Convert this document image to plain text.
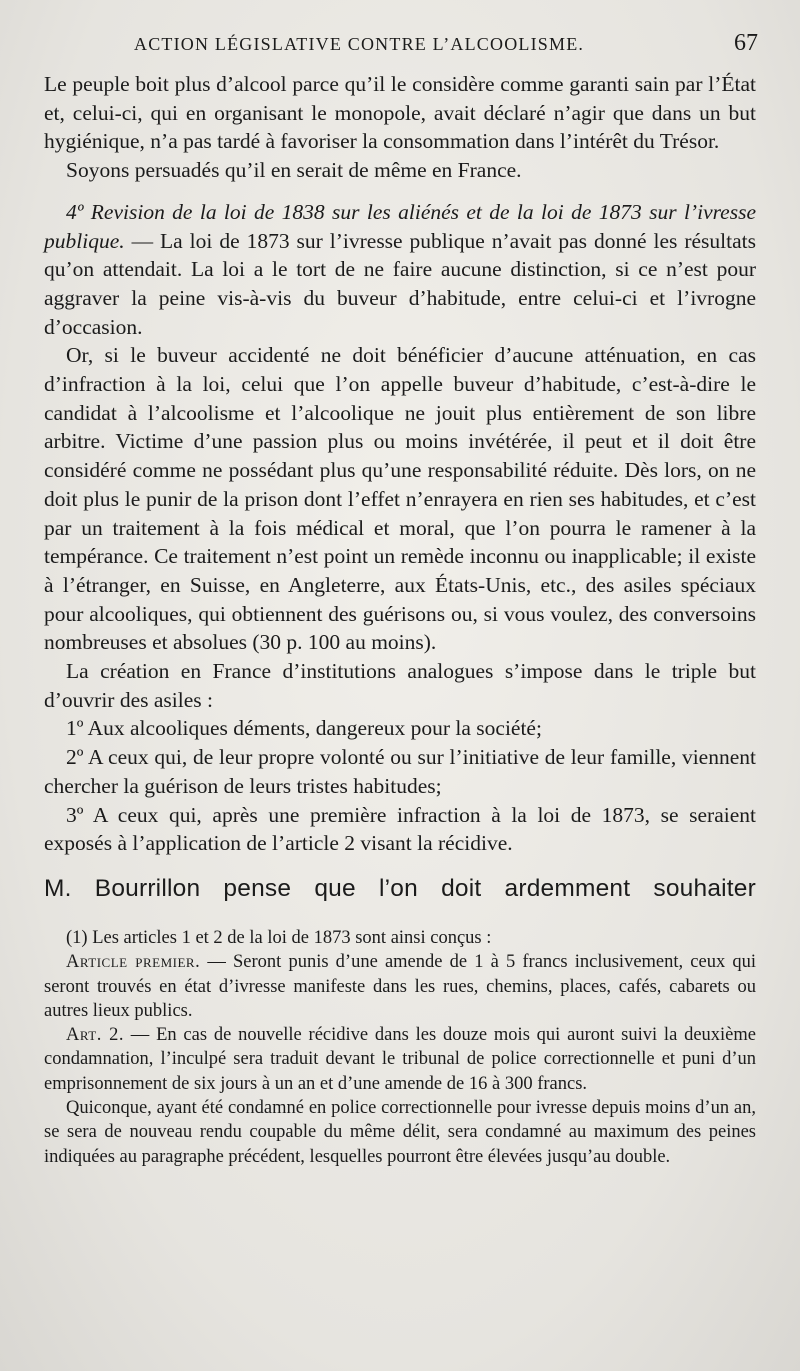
ACTION LÉGISLATIVE CONTRE L’ALCOOLISME.	67

Le peuple boit plus d’alcool parce qu’il le considère comme garanti sain par l’État et, celui-ci, qui en organisant le monopole, avait déclaré n’agir que dans un but hygiénique, n’a pas tardé à favoriser la consommation dans l’intérêt du Trésor.

Soyons persuadés qu’il en serait de même en France.

4º Revision de la loi de 1838 sur les aliénés et de la loi de 1873 sur l’ivresse publique. — La loi de 1873 sur l’ivresse publique n’avait pas donné les résultats qu’on attendait. La loi a le tort de ne faire aucune distinction, si ce n’est pour aggraver la peine vis-à-vis du buveur d’habitude, entre celui-ci et l’ivrogne d’occasion.

Or, si le buveur accidenté ne doit bénéficier d’aucune atténuation, en cas d’infraction à la loi, celui que l’on appelle buveur d’habitude, c’est-à-dire le candidat à l’alcoolisme et l’alcoolique ne jouit plus entièrement de son libre arbitre. Victime d’une passion plus ou moins invétérée, il peut et il doit être considéré comme ne possédant plus qu’une responsabilité réduite. Dès lors, on ne doit plus le punir de la prison dont l’effet n’enrayera en rien ses habitudes, et c’est par un traitement à la fois médical et moral, que l’on pourra le ramener à la tempérance. Ce traitement n’est point un remède inconnu ou inapplicable; il existe à l’étranger, en Suisse, en Angleterre, aux États-Unis, etc., des asiles spéciaux pour alcooliques, qui obtiennent des guérisons ou, si vous voulez, des conversoins nombreuses et absolues (30 p. 100 au moins).

La création en France d’institutions analogues s’impose dans le triple but d’ouvrir des asiles :

1º Aux alcooliques déments, dangereux pour la société;

2º A ceux qui, de leur propre volonté ou sur l’initiative de leur famille, viennent chercher la guérison de leurs tristes habitudes;

3º A ceux qui, après une première infraction à la loi de 1873, se seraient exposés à l’application de l’article 2 visant la récidive.

M. Bourrillon pense que l’on doit ardemment souhaiter

(1) Les articles 1 et 2 de la loi de 1873 sont ainsi conçus :

Article premier. — Seront punis d’une amende de 1 à 5 francs inclusivement, ceux qui seront trouvés en état d’ivresse manifeste dans les rues, chemins, places, cafés, cabarets ou autres lieux publics.

Art. 2. — En cas de nouvelle récidive dans les douze mois qui auront suivi la deuxième condamnation, l’inculpé sera traduit devant le tribunal de police correctionnelle et puni d’un emprisonnement de six jours à un an et d’une amende de 16 à 300 francs.

Quiconque, ayant été condamné en police correctionnelle pour ivresse depuis moins d’un an, se sera de nouveau rendu coupable du même délit, sera condamné au maximum des peines indiquées au paragraphe précédent, lesquelles pourront être élevées jusqu’au double.
